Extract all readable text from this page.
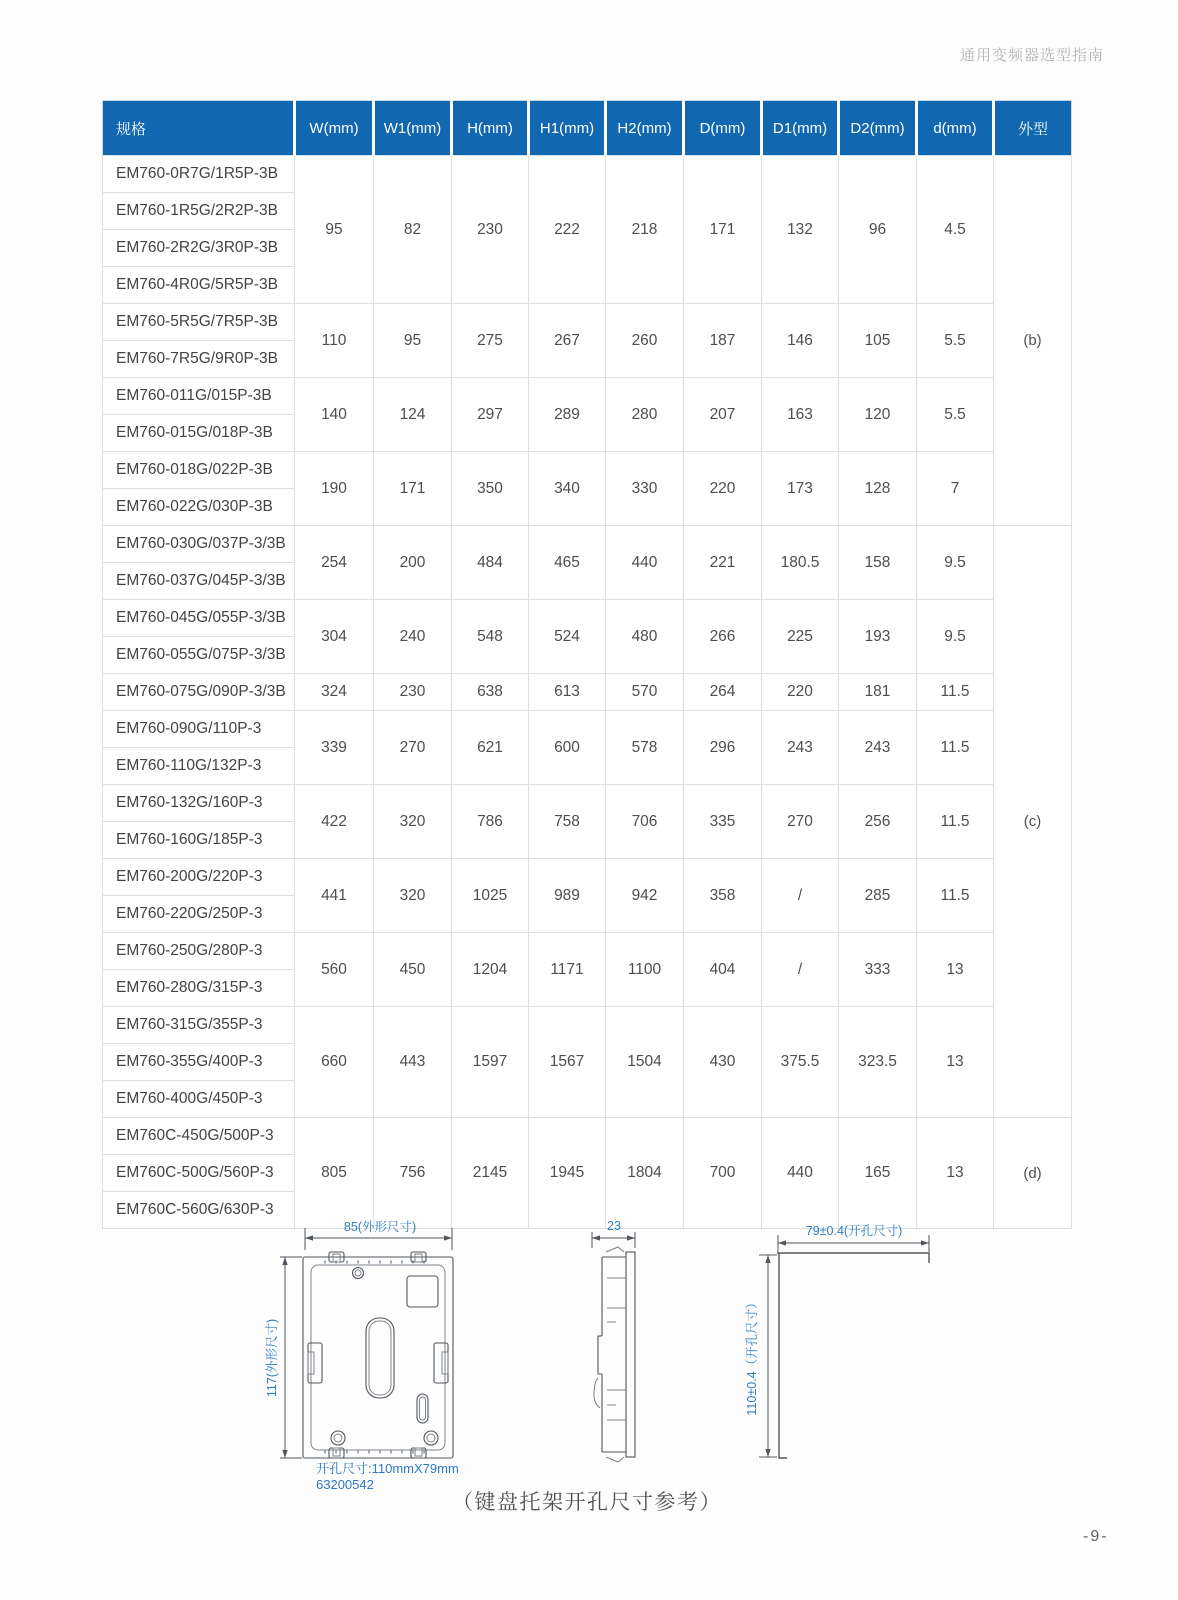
通用变频器选型指南
规格	W(mm)	W1(mm)	H(mm)	H1(mm)	H2(mm)	D(mm)	D1(mm)	D2(mm)	d(mm)	外型
EM760-0R7G/1R5P-3B	95	82	230	222	218	171	132	96	4.5	(b)
EM760-1R5G/2R2P-3B										
EM760-2R2G/3R0P-3B										
EM760-4R0G/5R5P-3B										
EM760-5R5G/7R5P-3B	110	95	275	267	260	187	146	105	5.5	
EM760-7R5G/9R0P-3B										
EM760-011G/015P-3B	140	124	297	289	280	207	163	120	5.5	
EM760-015G/018P-3B										
EM760-018G/022P-3B	190	171	350	340	330	220	173	128	7	
EM760-022G/030P-3B										
EM760-030G/037P-3/3B	254	200	484	465	440	221	180.5	158	9.5	(c)
EM760-037G/045P-3/3B										
EM760-045G/055P-3/3B	304	240	548	524	480	266	225	193	9.5	
EM760-055G/075P-3/3B										
EM760-075G/090P-3/3B	324	230	638	613	570	264	220	181	11.5	
EM760-090G/110P-3	339	270	621	600	578	296	243	243	11.5	
EM760-110G/132P-3										
EM760-132G/160P-3	422	320	786	758	706	335	270	256	11.5	
EM760-160G/185P-3										
EM760-200G/220P-3	441	320	1025	989	942	358	/	285	11.5	
EM760-220G/250P-3										
EM760-250G/280P-3	560	450	1204	1171	1100	404	/	333	13	
EM760-280G/315P-3										
EM760-315G/355P-3	660	443	1597	1567	1504	430	375.5	323.5	13	
EM760-355G/400P-3										
EM760-400G/450P-3										
EM760C-450G/500P-3	805	756	2145	1945	1804	700	440	165	13	(d)
EM760C-500G/560P-3										
EM760C-560G/630P-3										
85(外形尺寸)
117(外形尺寸)
23	79±0.4(开孔尺寸)
110±0.4（开孔尺寸）
开孔尺寸:110mmX79mm
63200542
（键盘托架开孔尺寸参考）
-9-
